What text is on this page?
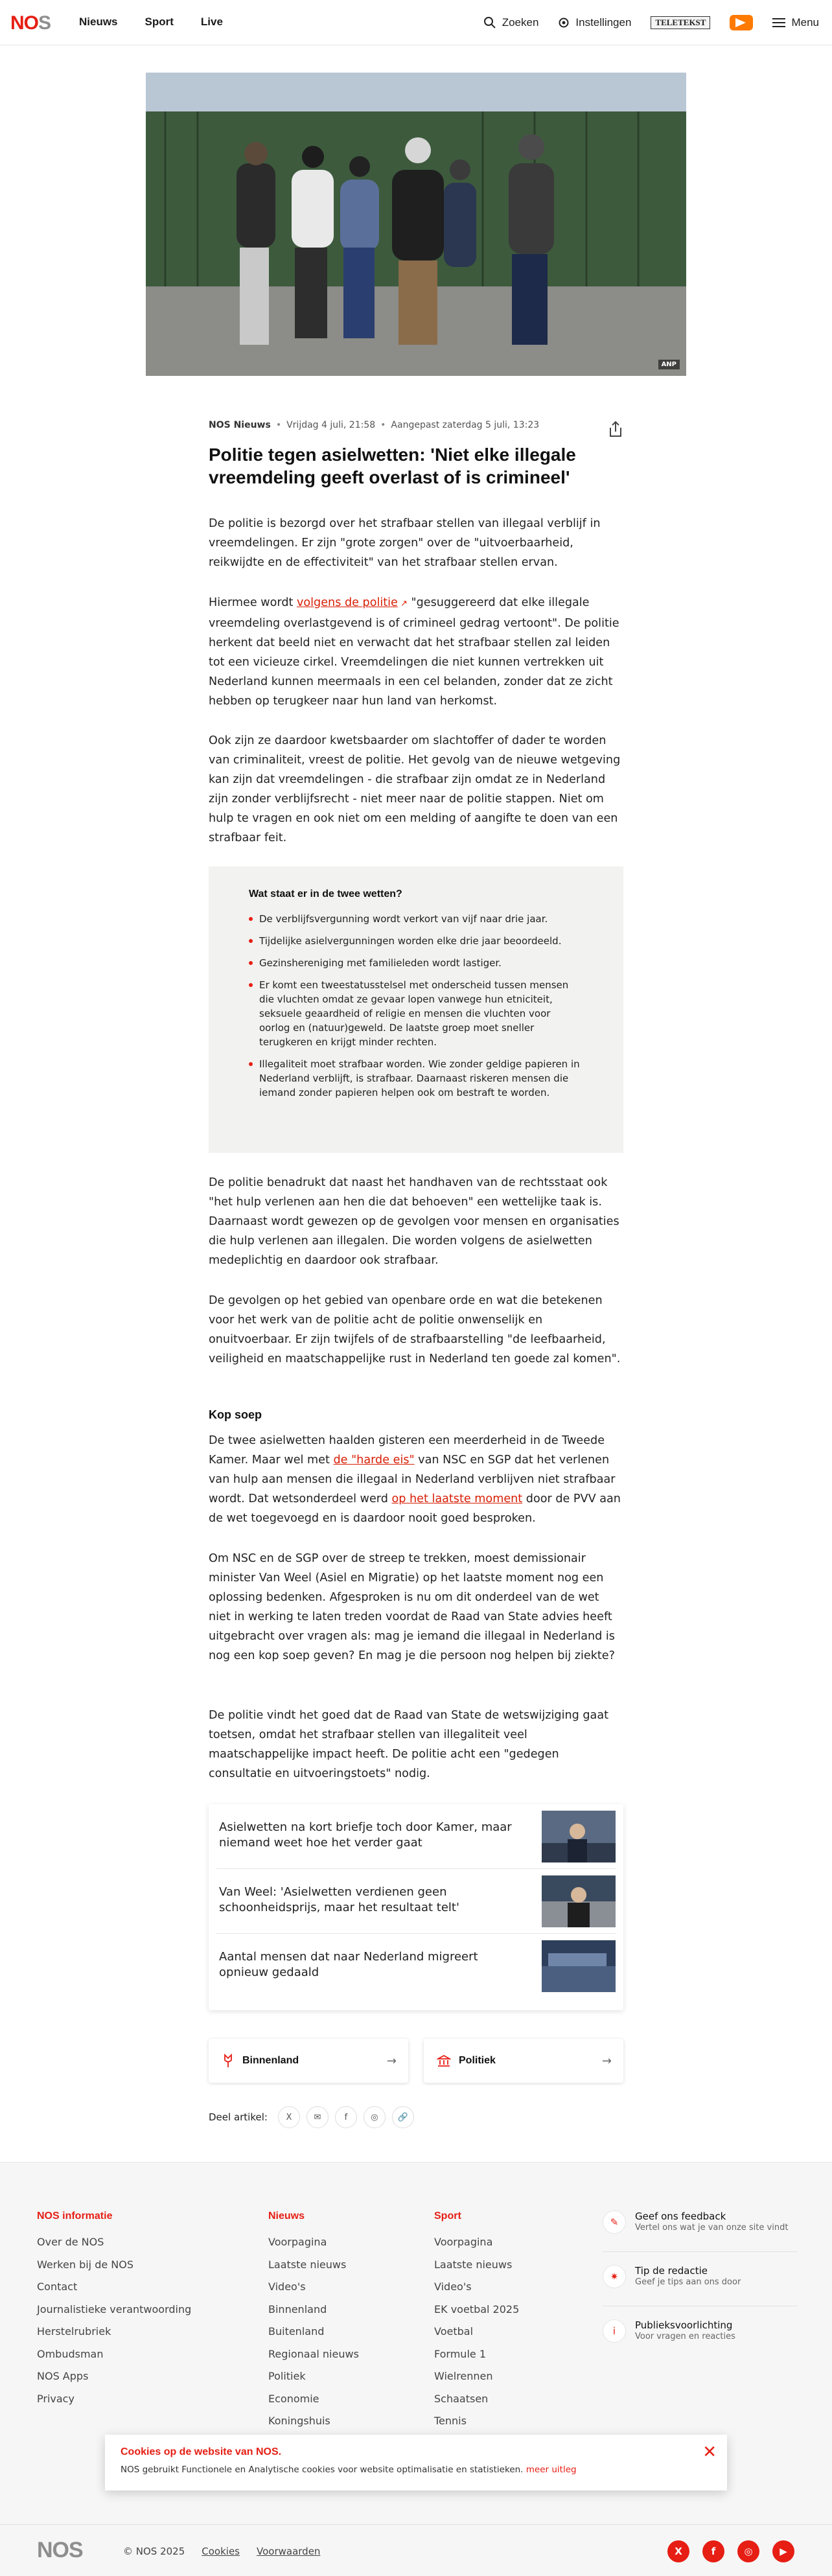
NOS	Nieuws Sport Live	Zoeken	Instellingen	TELETEKST	Menu
ANP
NOS Nieuws • Vrijdag 4 juli, 21:58 • Aangepast zaterdag 5 juli, 13:23
Politie tegen asielwetten: 'Niet elke illegale vreemdeling geeft overlast of is crimineel'

De politie is bezorgd over het strafbaar stellen van illegaal verblijf in vreemdelingen. Er zijn "grote zorgen" over de "uitvoerbaarheid, reikwijdte en de effectiviteit" van het strafbaar stellen ervan.

Hiermee wordt volgens de politie ↗ "gesuggereerd dat elke illegale vreemdeling overlastgevend is of crimineel gedrag vertoont". De politie herkent dat beeld niet en verwacht dat het strafbaar stellen zal leiden tot een vicieuze cirkel. Vreemdelingen die niet kunnen vertrekken uit Nederland kunnen meermaals in een cel belanden, zonder dat ze zicht hebben op terugkeer naar hun land van herkomst.

Ook zijn ze daardoor kwetsbaarder om slachtoffer of dader te worden van criminaliteit, vreest de politie. Het gevolg van de nieuwe wetgeving kan zijn dat vreemdelingen - die strafbaar zijn omdat ze in Nederland zijn zonder verblijfsrecht - niet meer naar de politie stappen. Niet om hulp te vragen en ook niet om een melding of aangifte te doen van een strafbaar feit.

Wat staat er in de twee wetten?
De verblijfsvergunning wordt verkort van vijf naar drie jaar.
Tijdelijke asielvergunningen worden elke drie jaar beoordeeld.
Gezinshereniging met familieleden wordt lastiger.
Er komt een tweestatusstelsel met onderscheid tussen mensen die vluchten omdat ze gevaar lopen vanwege hun etniciteit, seksuele geaardheid of religie en mensen die vluchten voor oorlog en (natuur)geweld. De laatste groep moet sneller terugkeren en krijgt minder rechten.
Illegaliteit moet strafbaar worden. Wie zonder geldige papieren in Nederland verblijft, is strafbaar. Daarnaast riskeren mensen die iemand zonder papieren helpen ook om bestraft te worden.

De politie benadrukt dat naast het handhaven van de rechtsstaat ook "het hulp verlenen aan hen die dat behoeven" een wettelijke taak is. Daarnaast wordt gewezen op de gevolgen voor mensen en organisaties die hulp verlenen aan illegalen. Die worden volgens de asielwetten medeplichtig en daardoor ook strafbaar.

De gevolgen op het gebied van openbare orde en wat die betekenen voor het werk van de politie acht de politie onwenselijk en onuitvoerbaar. Er zijn twijfels of de strafbaarstelling "de leefbaarheid, veiligheid en maatschappelijke rust in Nederland ten goede zal komen".

Kop soep

De twee asielwetten haalden gisteren een meerderheid in de Tweede Kamer. Maar wel met de "harde eis" van NSC en SGP dat het verlenen van hulp aan mensen die illegaal in Nederland verblijven niet strafbaar wordt. Dat wetsonderdeel werd op het laatste moment door de PVV aan de wet toegevoegd en is daardoor nooit goed besproken.

Om NSC en de SGP over de streep te trekken, moest demissionair minister Van Weel (Asiel en Migratie) op het laatste moment nog een oplossing bedenken. Afgesproken is nu om dit onderdeel van de wet niet in werking te laten treden voordat de Raad van State advies heeft uitgebracht over vragen als: mag je iemand die illegaal in Nederland is nog een kop soep geven? En mag je die persoon nog helpen bij ziekte?

De politie vindt het goed dat de Raad van State de wetswijziging gaat toetsen, omdat het strafbaar stellen van illegaliteit veel maatschappelijke impact heeft. De politie acht een "gedegen consultatie en uitvoeringstoets" nodig.

Asielwetten na kort briefje toch door Kamer, maar niemand weet hoe het verder gaat
Van Weel: 'Asielwetten verdienen geen schoonheidsprijs, maar het resultaat telt'
Aantal mensen dat naar Nederland migreert opnieuw gedaald
Binnenland	→	Politiek	→
Deel artikel:	X	✉	f	◎	🔗
NOS informatie
Over de NOS
Werken bij de NOS
Contact
Journalistieke verantwoording
Herstelrubriek
Ombudsman
NOS Apps
Privacy
Nieuws
Voorpagina
Laatste nieuws
Video's
Binnenland
Buitenland
Regionaal nieuws
Politiek
Economie
Koningshuis
Sport
Voorpagina
Laatste nieuws
Video's
EK voetbal 2025
Voetbal
Formule 1
Wielrennen
Schaatsen
Tennis
✎	Geef ons feedback
Vertel ons wat je van onze site vindt
✷	Tip de redactie
Geef je tips aan ons door
i	Publieksvoorlichting
Voor vragen en reacties
Cookies op de website van NOS.
NOS gebruikt Functionele en Analytische cookies voor website optimalisatie en statistieken. meer uitleg
✕
NOS	© NOS 2025 Cookies Voorwaarden	X	f	◎	▶
